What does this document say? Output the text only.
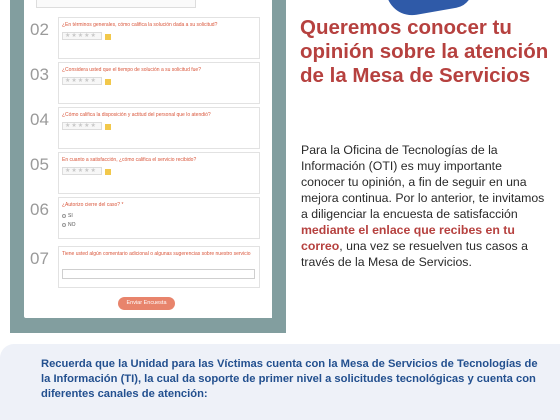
02	¿En términos generales, cómo califica la solución dada a su solicitud?
★★★★★
03	¿Considera usted que el tiempo de solución a su solicitud fue?
★★★★★
04	¿Cómo califica la disposición y actitud del personal que lo atendió?
★★★★★
05	En cuanto a satisfacción, ¿cómo califica el servicio recibido?
★★★★★
06	¿Autorizo cierre del caso? *
SI
NO
07	Tiene usted algún comentario adicional o algunas sugerencias sobre nuestro servicio
Enviar Encuesta
Queremos conocer tu opinión sobre la atención de la Mesa de Servicios
Para la Oficina de Tecnologías de la Información (OTI) es muy importante conocer tu opinión, a fin de seguir en una mejora continua. Por lo anterior, te invitamos a diligenciar la encuesta de satisfacción mediante el enlace que recibes en tu correo, una vez se resuelven tus casos a través de la Mesa de Servicios.
Recuerda que la Unidad para las Víctimas cuenta con la Mesa de Servicios de Tecnologías de la Información (TI), la cual da soporte de primer nivel a solicitudes tecnológicas y cuenta con diferentes canales de atención:
